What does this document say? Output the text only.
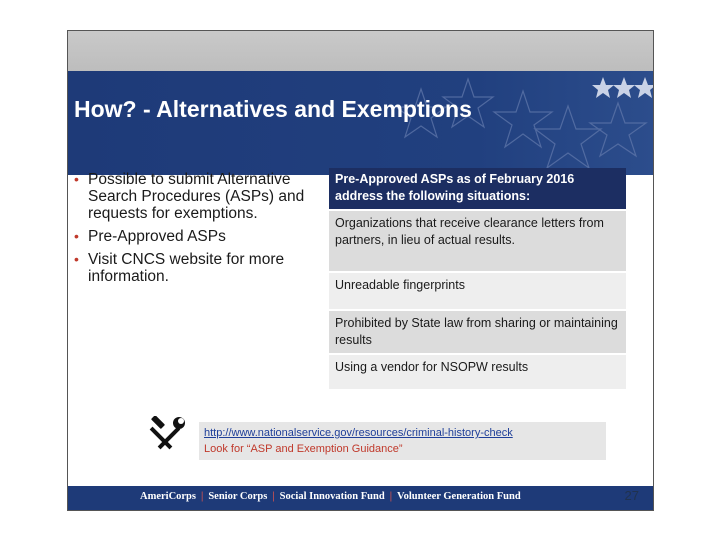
How? - Alternatives and Exemptions
• Possible to submit Alternative Search Procedures (ASPs) and requests for exemptions.
• Pre-Approved ASPs
• Visit CNCS website for more information.
Pre-Approved ASPs as of February 2016 address the following situations:
Organizations that receive clearance letters from partners, in lieu of actual results.
Unreadable fingerprints
Prohibited by State law from sharing or maintaining results
Using a vendor for NSOPW results
http://www.nationalservice.gov/resources/criminal-history-check
Look for “ASP and Exemption Guidance”
AmeriCorps | Senior Corps | Social Innovation Fund | Volunteer Generation Fund	27
